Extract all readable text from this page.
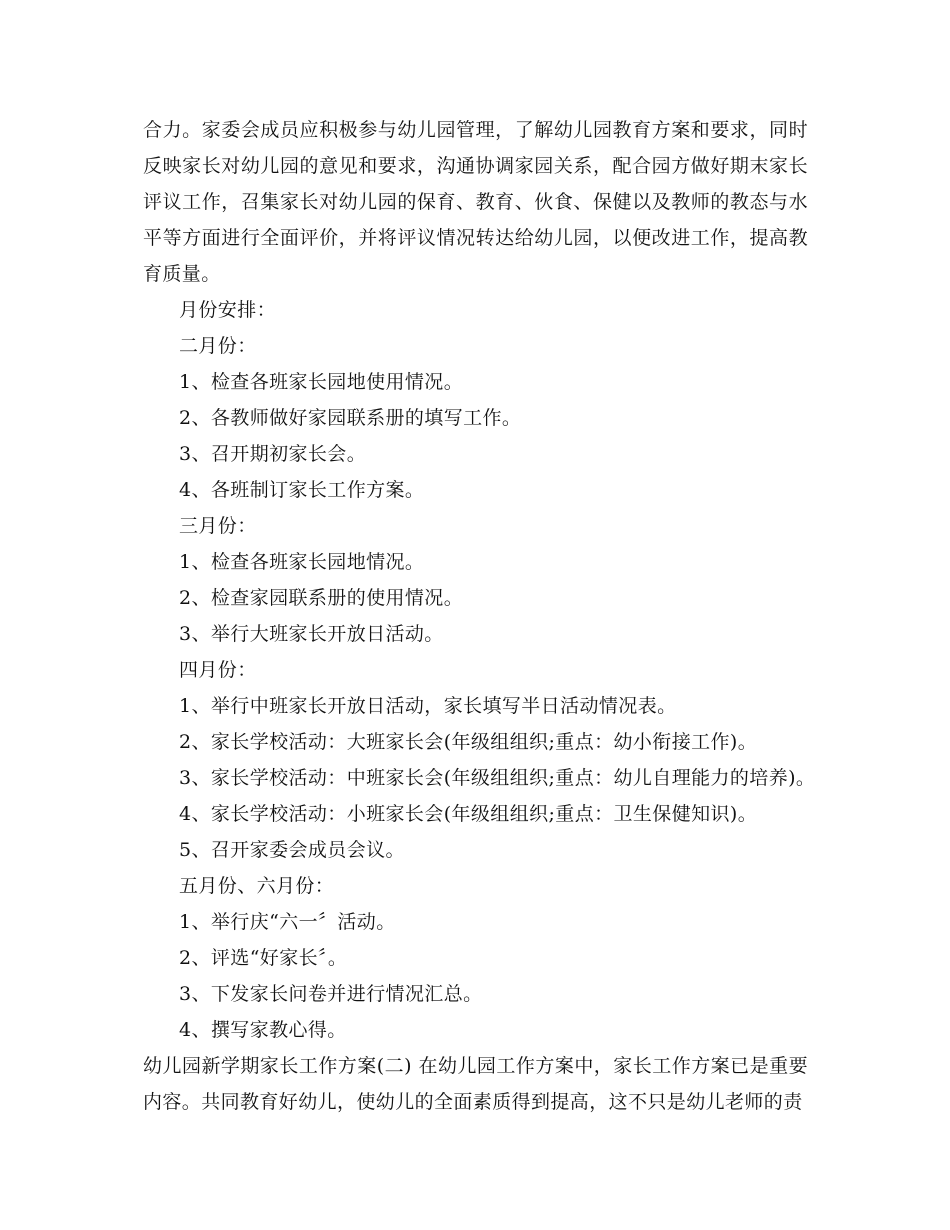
合力。家委会成员应积极参与幼儿园管理，了解幼儿园教育方案和要求，同时反映家长对幼儿园的意见和要求，沟通协调家园关系，配合园方做好期末家长评议工作，召集家长对幼儿园的保育、教育、伙食、保健以及教师的教态与水平等方面进行全面评价，并将评议情况转达给幼儿园，以便改进工作，提高教育质量。

月份安排：
二月份：
1、检查各班家长园地使用情况。
2、各教师做好家园联系册的填写工作。
3、召开期初家长会。
4、各班制订家长工作方案。
三月份：
1、检查各班家长园地情况。
2、检查家园联系册的使用情况。
3、举行大班家长开放日活动。
四月份：
1、举行中班家长开放日活动，家长填写半日活动情况表。
2、家长学校活动：大班家长会(年级组组织;重点：幼小衔接工作)。
3、家长学校活动：中班家长会(年级组组织;重点：幼儿自理能力的培养)。
4、家长学校活动：小班家长会(年级组组织;重点：卫生保健知识)。
5、召开家委会成员会议。
五月份、六月份：
1、举行庆“六一〞活动。
2、评选“好家长〞。
3、下发家长问卷并进行情况汇总。
4、撰写家教心得。

幼儿园新学期家长工作方案(二) 在幼儿园工作方案中，家长工作方案已是重要内容。共同教育好幼儿，使幼儿的全面素质得到提高，这不只是幼儿老师的责
